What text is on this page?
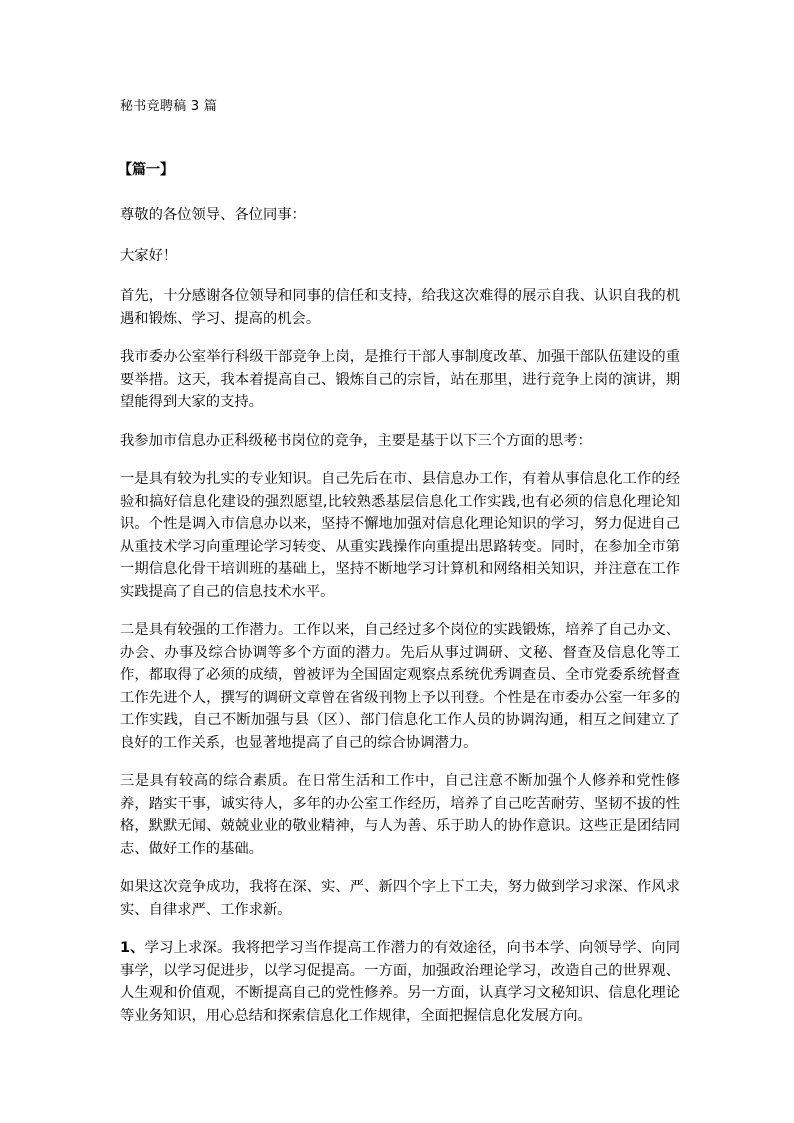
秘书竞聘稿 3 篇
【篇一】

尊敬的各位领导、各位同事：

大家好！

首先，十分感谢各位领导和同事的信任和支持，给我这次难得的展示自我、认识自我的机遇和锻炼、学习、提高的机会。

我市委办公室举行科级干部竞争上岗，是推行干部人事制度改革、加强干部队伍建设的重要举措。这天，我本着提高自己、锻炼自己的宗旨，站在那里，进行竞争上岗的演讲，期望能得到大家的支持。

我参加市信息办正科级秘书岗位的竞争，主要是基于以下三个方面的思考：

一是具有较为扎实的专业知识。自己先后在市、县信息办工作，有着从事信息化工作的经验和搞好信息化建设的强烈愿望,比较熟悉基层信息化工作实践,也有必须的信息化理论知识。个性是调入市信息办以来，坚持不懈地加强对信息化理论知识的学习，努力促进自己从重技术学习向重理论学习转变、从重实践操作向重提出思路转变。同时，在参加全市第一期信息化骨干培训班的基础上，坚持不断地学习计算机和网络相关知识，并注意在工作实践提高了自己的信息技术水平。

二是具有较强的工作潜力。工作以来，自己经过多个岗位的实践锻炼，培养了自己办文、办会、办事及综合协调等多个方面的潜力。先后从事过调研、文秘、督查及信息化等工作，都取得了必须的成绩，曾被评为全国固定观察点系统优秀调查员、全市党委系统督查工作先进个人，撰写的调研文章曾在省级刊物上予以刊登。个性是在市委办公室一年多的工作实践，自己不断加强与县（区）、部门信息化工作人员的协调沟通，相互之间建立了良好的工作关系，也显著地提高了自己的综合协调潜力。

三是具有较高的综合素质。在日常生活和工作中，自己注意不断加强个人修养和党性修养，踏实干事，诚实待人，多年的办公室工作经历，培养了自己吃苦耐劳、坚韧不拔的性格，默默无闻、兢兢业业的敬业精神，与人为善、乐于助人的协作意识。这些正是团结同志、做好工作的基础。

如果这次竞争成功，我将在深、实、严、新四个字上下工夫，努力做到学习求深、作风求实、自律求严、工作求新。

1、学习上求深。我将把学习当作提高工作潜力的有效途径，向书本学、向领导学、向同事学，以学习促进步，以学习促提高。一方面，加强政治理论学习，改造自己的世界观、人生观和价值观，不断提高自己的党性修养。另一方面，认真学习文秘知识、信息化理论等业务知识，用心总结和探索信息化工作规律，全面把握信息化发展方向。
